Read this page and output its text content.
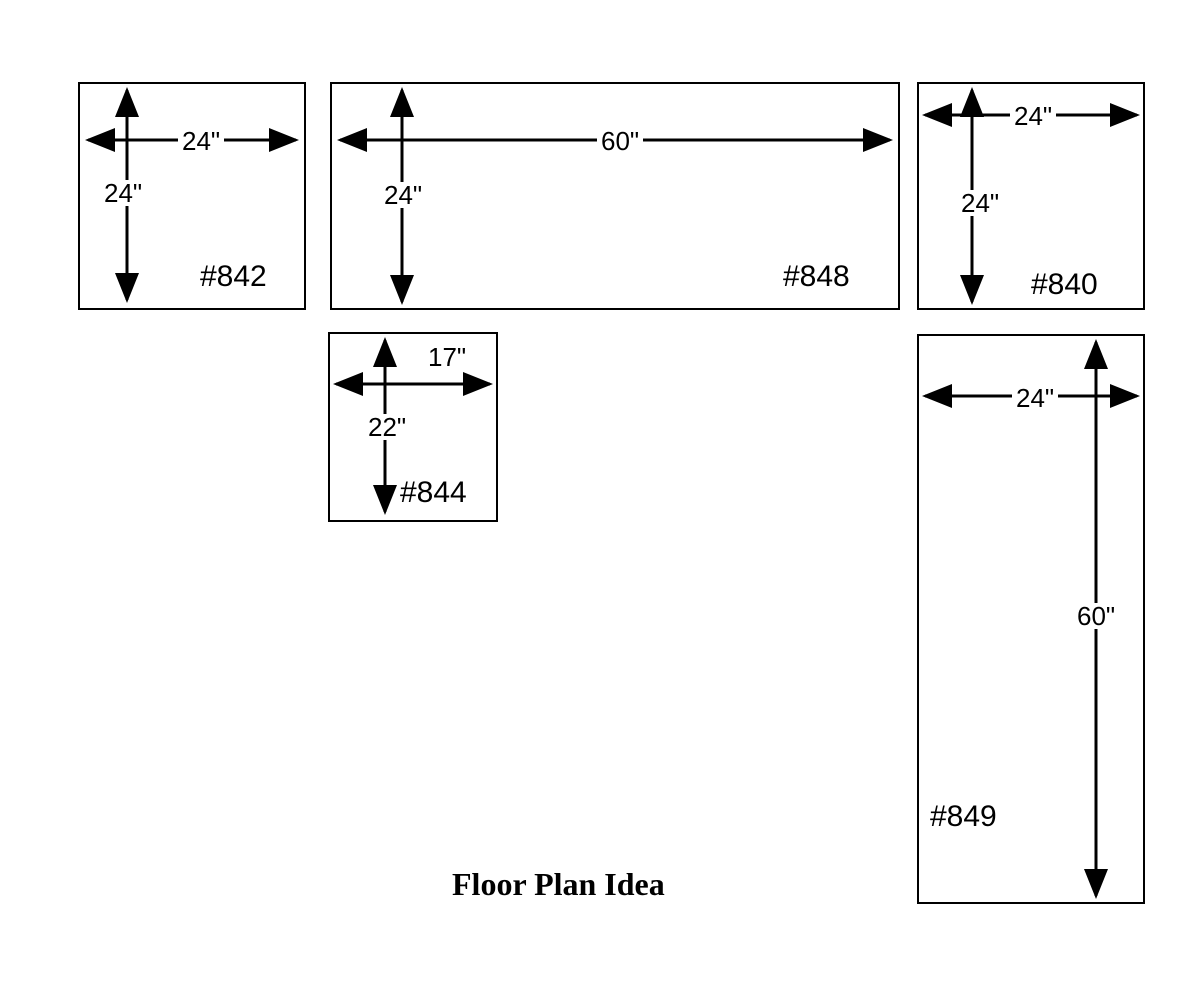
24"	60"
24"
17"
24"
24"	24"	24"
22"
60"
#842	#848	#840
#844
#849
Floor Plan Idea
